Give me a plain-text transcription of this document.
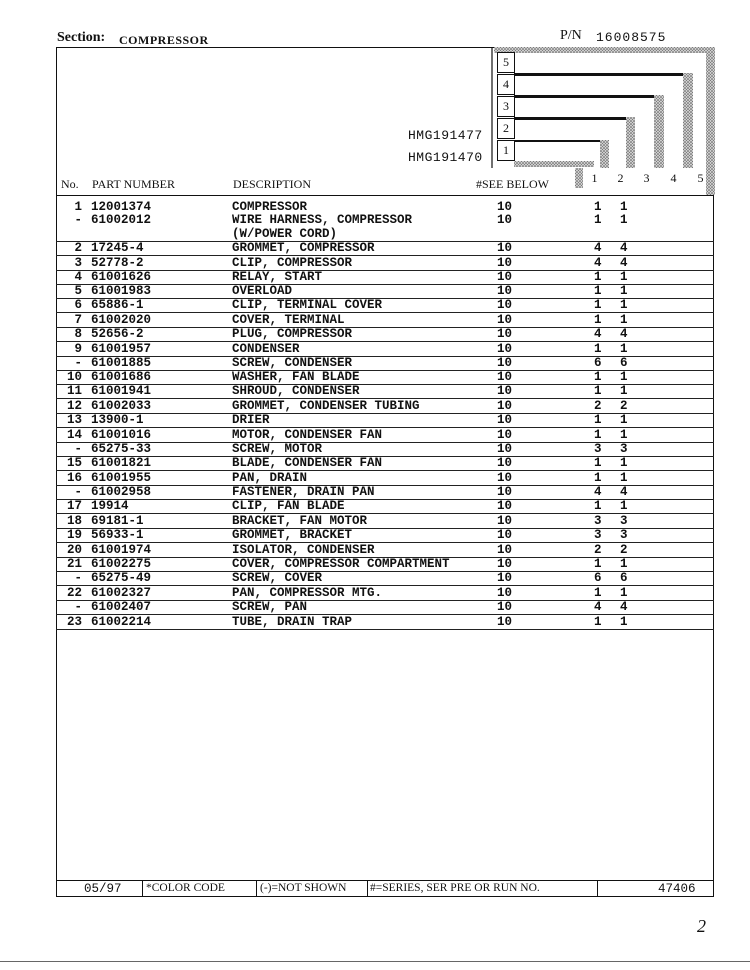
Section: COMPRESSOR	P/N 16008575
5
4
3
2
1
HMG191477
HMG191470
1	2	3	4	5
No. PART NUMBER	DESCRIPTION	#SEE BELOW
1 12001374	COMPRESSOR	10	1 1
- 61002012	WIRE HARNESS, COMPRESSOR	10	1 1
(W/POWER CORD)
2 17245-4	GROMMET, COMPRESSOR	10	4 4
3 52778-2	CLIP, COMPRESSOR	10	4 4
4 61001626	RELAY, START	10	1 1
5 61001983	OVERLOAD	10	1 1
6 65886-1	CLIP, TERMINAL COVER	10	1 1
7 61002020	COVER, TERMINAL	10	1 1
8 52656-2	PLUG, COMPRESSOR	10	4 4
9 61001957	CONDENSER	10	1 1
- 61001885	SCREW, CONDENSER	10	6 6
10 61001686	WASHER, FAN BLADE	10	1 1
11 61001941	SHROUD, CONDENSER	10	1 1
12 61002033	GROMMET, CONDENSER TUBING	10	2 2
13 13900-1	DRIER	10	1 1
14 61001016	MOTOR, CONDENSER FAN	10	1 1
- 65275-33	SCREW, MOTOR	10	3 3
15 61001821	BLADE, CONDENSER FAN	10	1 1
16 61001955	PAN, DRAIN	10	1 1
- 61002958	FASTENER, DRAIN PAN	10	4 4
17 19914	CLIP, FAN BLADE	10	1 1
18 69181-1	BRACKET, FAN MOTOR	10	3 3
19 56933-1	GROMMET, BRACKET	10	3 3
20 61001974	ISOLATOR, CONDENSER	10	2 2
21 61002275	COVER, COMPRESSOR COMPARTMENT	10	1 1
- 65275-49	SCREW, COVER	10	6 6
22 61002327	PAN, COMPRESSOR MTG.	10	1 1
- 61002407	SCREW, PAN	10	4 4
23 61002214	TUBE, DRAIN TRAP	10	1 1
05/97 *COLOR CODE	(-)=NOT SHOWN #=SERIES, SER PRE OR RUN NO.	47406
2
